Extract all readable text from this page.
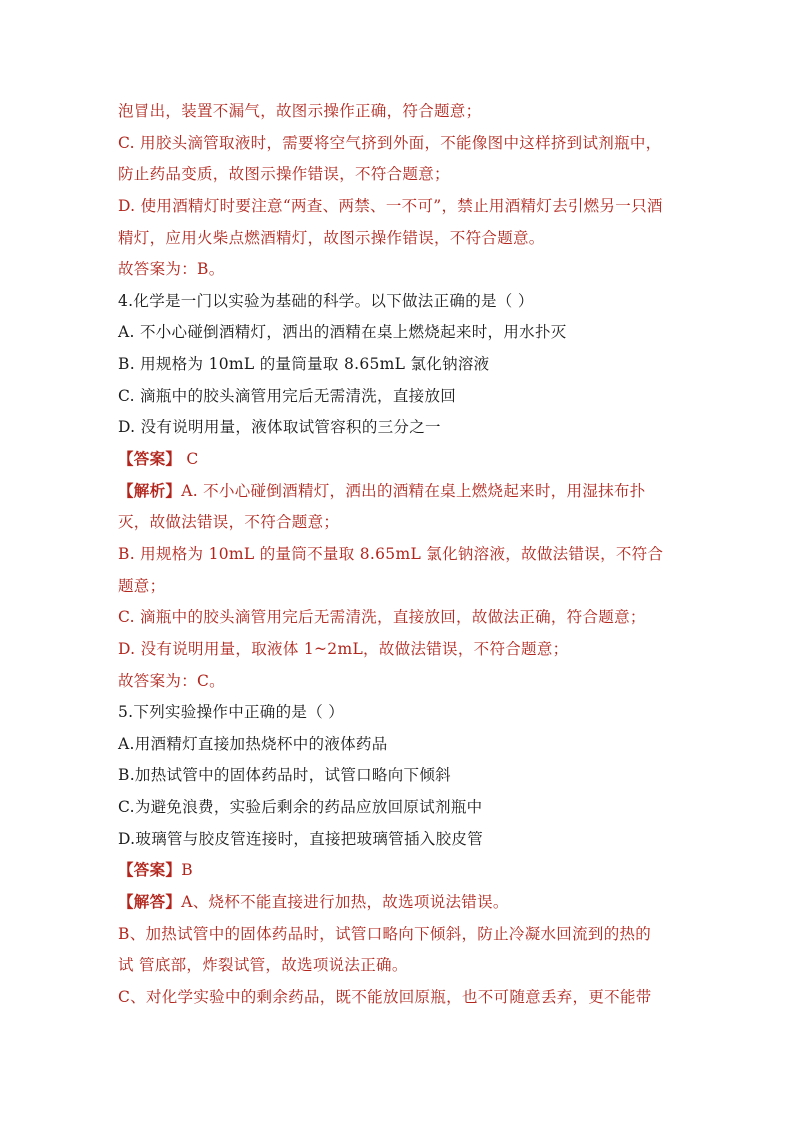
泡冒出，装置不漏气，故图示操作正确，符合题意；
C. 用胶头滴管取液时，需要将空气挤到外面，不能像图中这样挤到试剂瓶中，
防止药品变质，故图示操作错误，不符合题意；
D. 使用酒精灯时要注意“两查、两禁、一不可”，禁止用酒精灯去引燃另一只酒
精灯，应用火柴点燃酒精灯，故图示操作错误，不符合题意。
故答案为：B。
4.化学是一门以实验为基础的科学。以下做法正确的是（ ）
A. 不小心碰倒酒精灯，洒出的酒精在桌上燃烧起来时，用水扑灭
B. 用规格为 10mL 的量筒量取 8.65mL 氯化钠溶液
C. 滴瓶中的胶头滴管用完后无需清洗，直接放回
D. 没有说明用量，液体取试管容积的三分之一
【答案】 C
【解析】A. 不小心碰倒酒精灯，洒出的酒精在桌上燃烧起来时，用湿抹布扑
灭，故做法错误，不符合题意；
B. 用规格为 10mL 的量筒不量取 8.65mL 氯化钠溶液，故做法错误，不符合
题意；
C. 滴瓶中的胶头滴管用完后无需清洗，直接放回，故做法正确，符合题意；
D. 没有说明用量，取液体 1~2mL，故做法错误，不符合题意；
故答案为：C。
5.下列实验操作中正确的是（ ）
A.用酒精灯直接加热烧杯中的液体药品
B.加热试管中的固体药品时，试管口略向下倾斜
C.为避免浪费，实验后剩余的药品应放回原试剂瓶中
D.玻璃管与胶皮管连接时，直接把玻璃管插入胶皮管
【答案】B
【解答】A、烧杯不能直接进行加热，故选项说法错误。
B、加热试管中的固体药品时，试管口略向下倾斜，防止冷凝水回流到的热的
试 管底部，炸裂试管，故选项说法正确。
C、对化学实验中的剩余药品，既不能放回原瓶，也不可随意丢弃，更不能带
